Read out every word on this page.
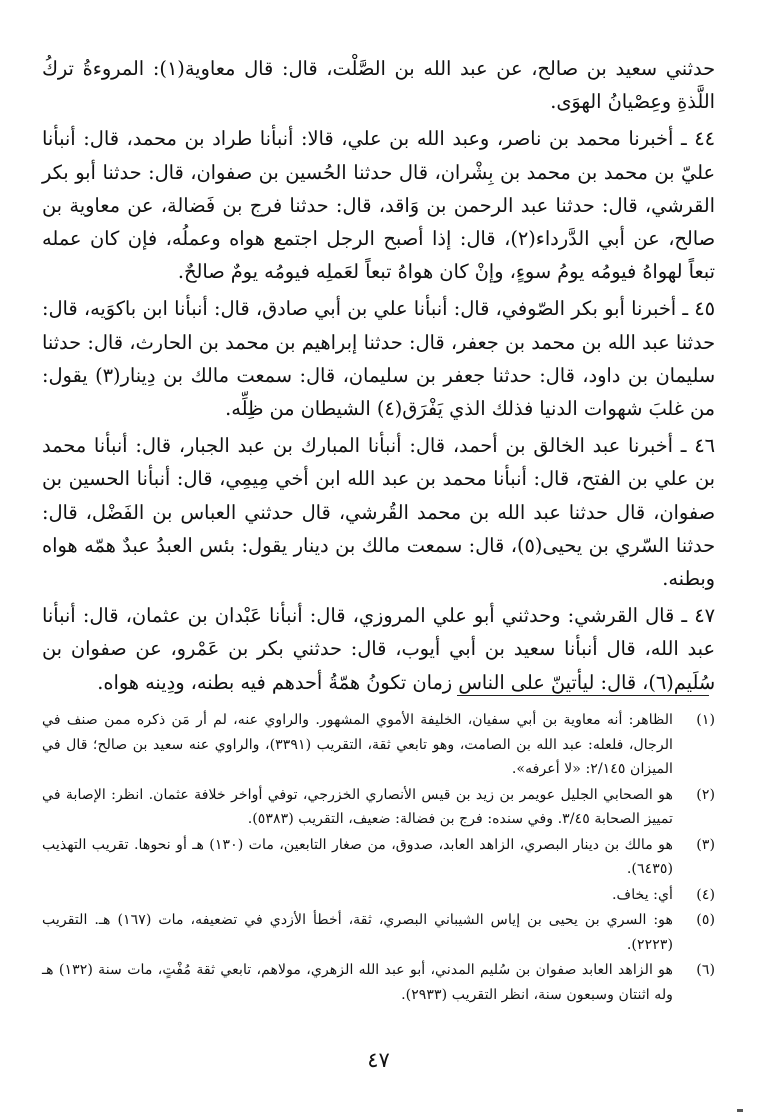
حدثني سعيد بن صالح، عن عبد الله بن الصَّلْت، قال: قال معاوية(١): المروءةُ تركُ اللَّذةِ وعِصْيانُ الهوَى.

٤٤ ـ أخبرنا محمد بن ناصر، وعبد الله بن علي، قالا: أنبأنا طراد بن محمد، قال: أنبأنا عليّ بن محمد بن محمد بن بِشْران، قال حدثنا الحُسين بن صفوان، قال: حدثنا أبو بكر القرشي، قال: حدثنا عبد الرحمن بن وَاقد، قال: حدثنا فرج بن فَضالة، عن معاوية بن صالح، عن أبي الدَّرداء(٢)، قال: إذا أصبح الرجل اجتمع هواه وعملُه، فإن كان عمله تبعاً لهواهُ فيومُه يومُ سوءٍ، وإنْ كان هواهُ تبعاً لعَملِه فيومُه يومٌ صالحٌ.

٤٥ ـ أخبرنا أبو بكر الصّوفي، قال: أنبأنا علي بن أبي صادق، قال: أنبأنا ابن باكوَيه، قال: حدثنا عبد الله بن محمد بن جعفر، قال: حدثنا إبراهيم بن محمد بن الحارث، قال: حدثنا سليمان بن داود، قال: حدثنا جعفر بن سليمان، قال: سمعت مالك بن دِينار(٣) يقول: من غلبَ شهوات الدنيا فذلك الذي يَفْرَق(٤) الشيطان من ظِلِّه.

٤٦ ـ أخبرنا عبد الخالق بن أحمد، قال: أنبأنا المبارك بن عبد الجبار، قال: أنبأنا محمد بن علي بن الفتح، قال: أنبأنا محمد بن عبد الله ابن أخي مِيمِي، قال: أنبأنا الحسين بن صفوان، قال حدثنا عبد الله بن محمد القُرشي، قال حدثني العباس بن الفَضْل، قال: حدثنا السّري بن يحيى(٥)، قال: سمعت مالك بن دينار يقول: بئس العبدُ عبدٌ همّه هواه وبطنه.

٤٧ ـ قال القرشي: وحدثني أبو علي المروزي، قال: أنبأنا عَبْدان بن عثمان، قال: أنبأنا عبد الله، قال أنبأنا سعيد بن أبي أيوب، قال: حدثني بكر بن عَمْرو، عن صفوان بن سُلَيم(٦)، قال: ليأتينّ على الناس زمان تكونُ همّةُ أحدهم فيه بطنه، ودِينه هواه.

(١)
الظاهر: أنه معاوية بن أبي سفيان، الخليفة الأموي المشهور. والراوي عنه، لم أر مَن ذكره ممن صنف في الرجال، فلعله: عبد الله بن الصامت، وهو تابعي ثقة، التقريب (٣٣٩١)، والراوي عنه سعيد بن صالح؛ قال في الميزان ٢/١٤٥: «لا أعرفه».
(٢)
هو الصحابي الجليل عويمر بن زيد بن قيس الأنصاري الخزرجي، توفي أواخر خلافة عثمان. انظر: الإصابة في تمييز الصحابة ٣/٤٥. وفي سنده: فرج بن فضالة: ضعيف، التقريب (٥٣٨٣).
(٣)
هو مالك بن دينار البصري، الزاهد العابد، صدوق، من صغار التابعين، مات (١٣٠) هـ أو نحوها. تقريب التهذيب (٦٤٣٥).
(٤)
أي: يخاف.
(٥)
هو: السري بن يحيى بن إياس الشيباني البصري، ثقة، أخطأ الأزدي في تضعيفه، مات (١٦٧) هـ. التقريب (٢٢٢٣).
(٦)
هو الزاهد العابد صفوان بن سُليم المدني، أبو عبد الله الزهري، مولاهم، تابعي ثقة مُفْتٍ، مات سنة (١٣٢) هـ وله اثنتان وسبعون سنة، انظر التقريب (٢٩٣٣).
٤٧
